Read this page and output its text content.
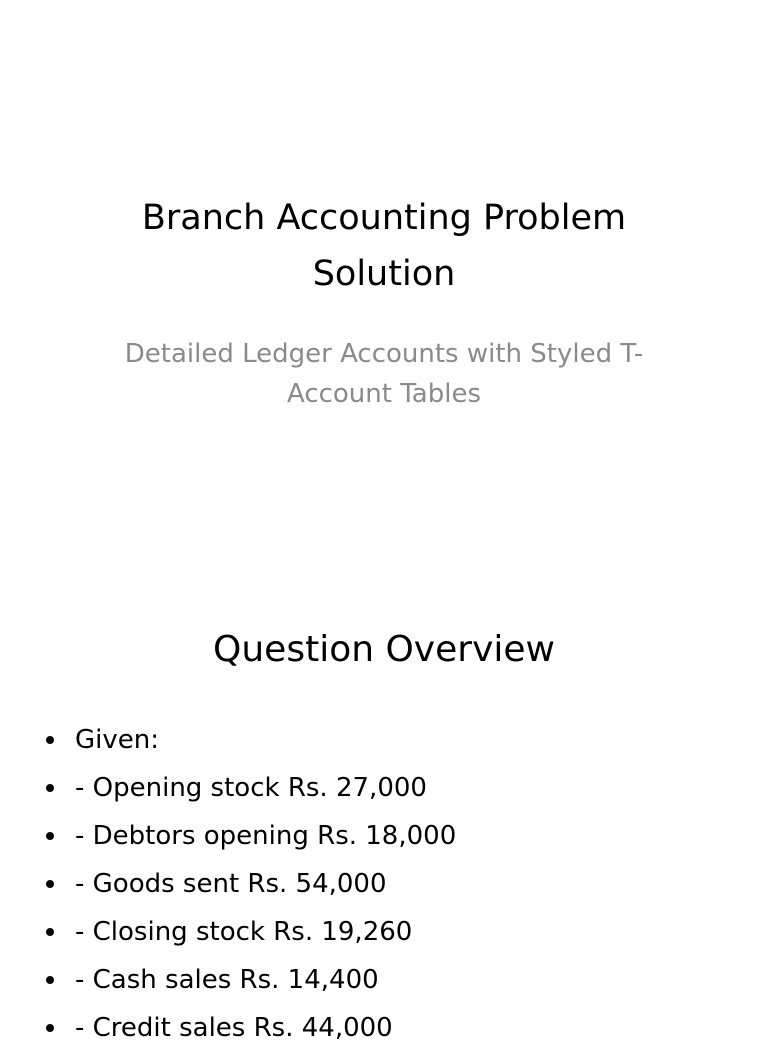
Branch Accounting Problem Solution

Detailed Ledger Accounts with Styled T-Account Tables

Question Overview
Given:
- Opening stock Rs. 27,000
- Debtors opening Rs. 18,000
- Goods sent Rs. 54,000
- Closing stock Rs. 19,260
- Cash sales Rs. 14,400
- Credit sales Rs. 44,000
